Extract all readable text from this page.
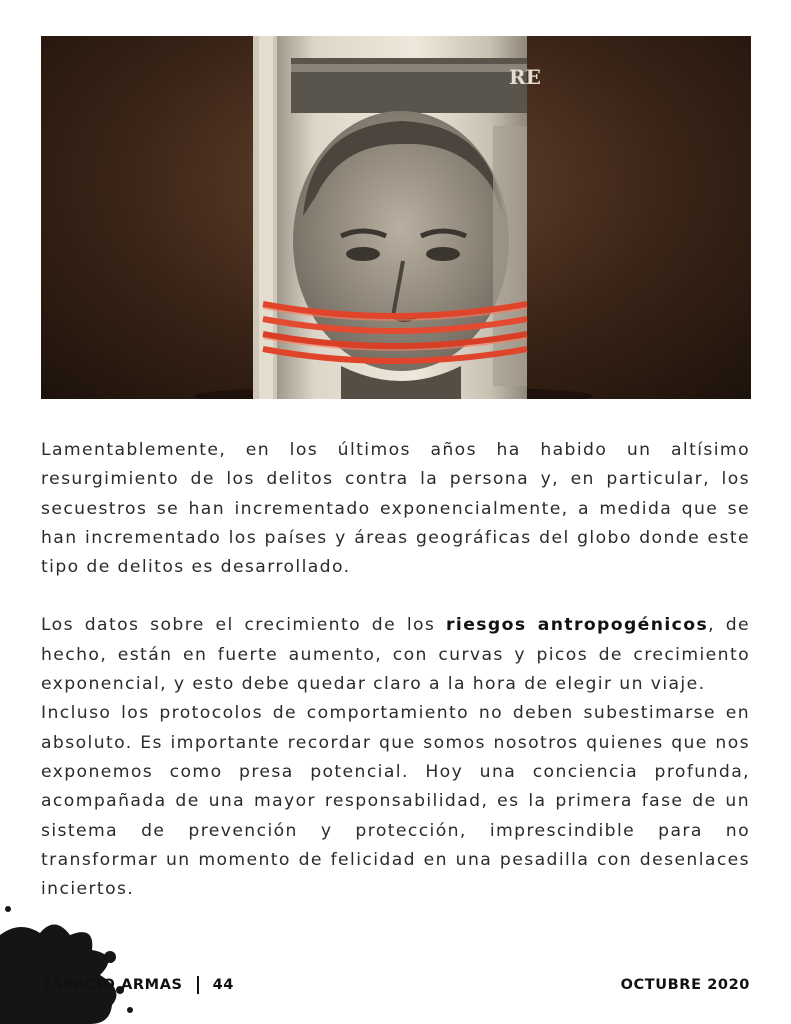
RE

Lamentablemente, en los últimos años ha habido un altísimo resurgimiento de los delitos contra la persona y, en particular, los secuestros se han incrementado exponencialmente, a medida que se han incrementado los países y áreas geográficas del globo donde este tipo de delitos es desarrollado.

Los datos sobre el crecimiento de los riesgos antropogénicos, de hecho, están en fuerte aumento, con curvas y picos de crecimiento exponencial, y esto debe quedar claro a la hora de elegir un viaje.

Incluso los protocolos de comportamiento no deben subestimarse en absoluto. Es importante recordar que somos nosotros quienes que nos exponemos como presa potencial. Hoy una conciencia profunda, acompañada de una mayor responsabilidad, es la primera fase de un sistema de prevención y protección, imprescindible para no transformar un momento de felicidad en una pesadilla con desenlaces inciertos.

ESPACIO ARMAS 44	OCTUBRE 2020
